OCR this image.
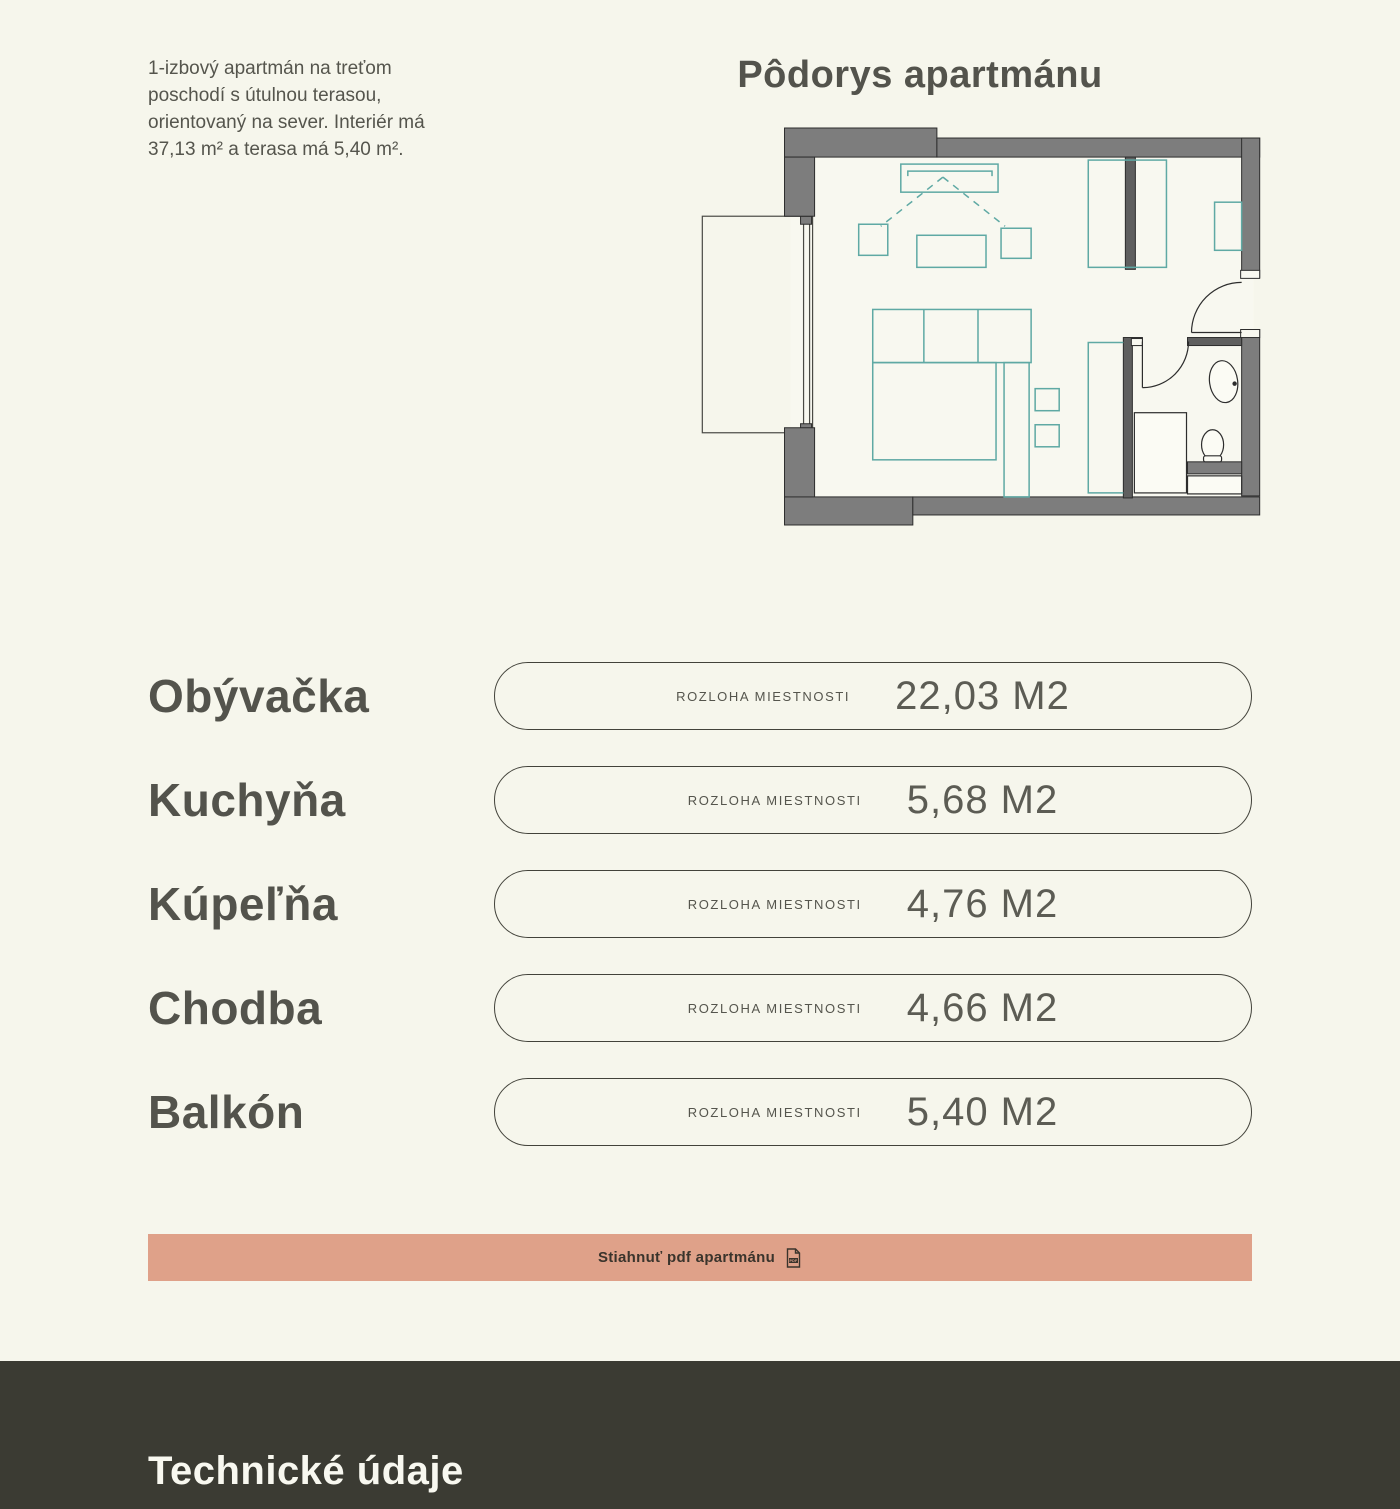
1-izbový apartmán na treťom
poschodí s útulnou terasou,
orientovaný na sever. Interiér má
37,13 m² a terasa má 5,40 m².
Pôdorys apartmánu
Obývačka	ROZLOHA MIESTNOSTI 22,03 M2
Kuchyňa	ROZLOHA MIESTNOSTI 5,68 M2
Kúpeľňa	ROZLOHA MIESTNOSTI 4,76 M2
Chodba	ROZLOHA MIESTNOSTI 4,66 M2
Balkón	ROZLOHA MIESTNOSTI 5,40 M2
Stiahnuť pdf apartmánu	PDF
Technické údaje
